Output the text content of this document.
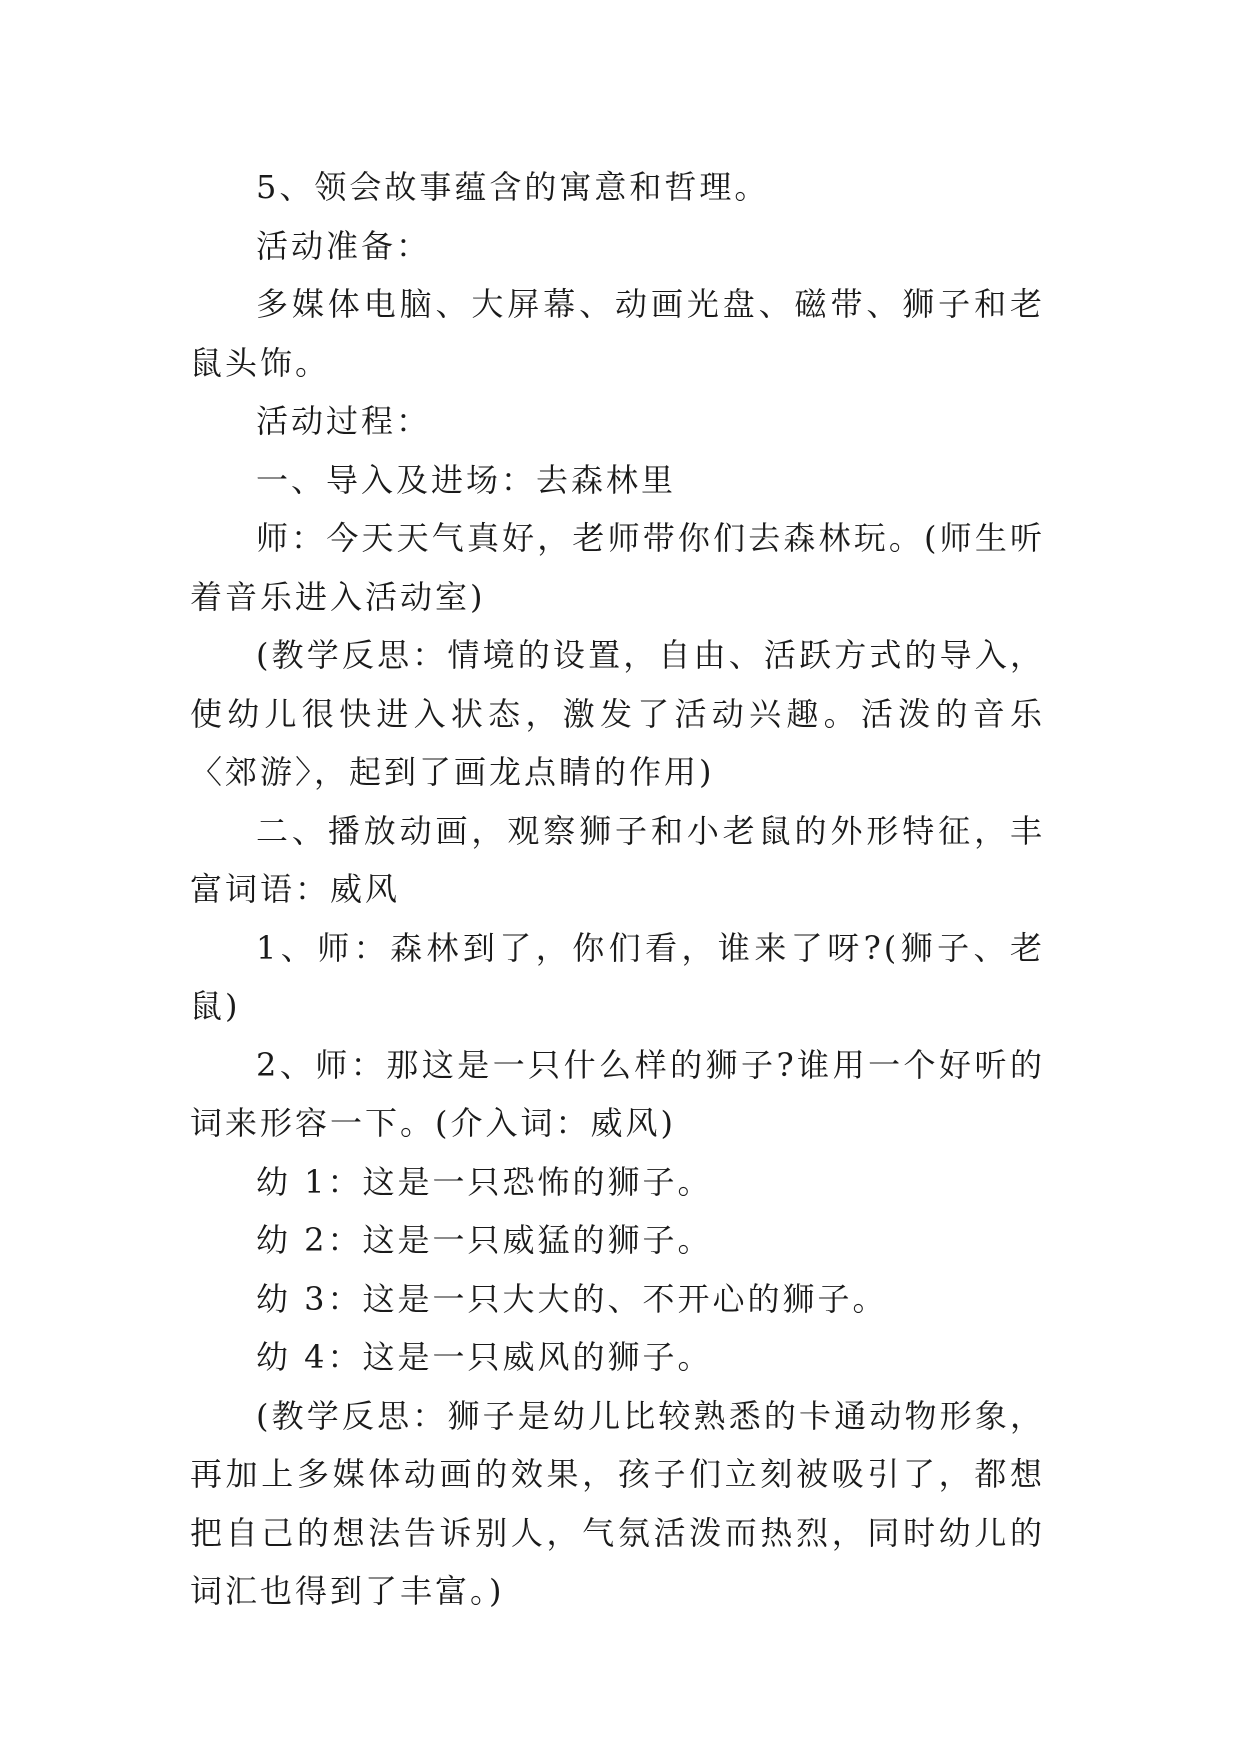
5、领会故事蕴含的寓意和哲理。

活动准备：

多媒体电脑、大屏幕、动画光盘、磁带、狮子和老鼠头饰。

活动过程：

一、导入及进场：去森林里

师：今天天气真好，老师带你们去森林玩。(师生听着音乐进入活动室)

(教学反思：情境的设置，自由、活跃方式的导入，使幼儿很快进入状态，激发了活动兴趣。活泼的音乐〈郊游〉，起到了画龙点睛的作用)

二、播放动画，观察狮子和小老鼠的外形特征，丰富词语：威风

1、师：森林到了，你们看，谁来了呀?(狮子、老鼠)

2、师：那这是一只什么样的狮子?谁用一个好听的词来形容一下。(介入词：威风)

幼 1：这是一只恐怖的狮子。

幼 2：这是一只威猛的狮子。

幼 3：这是一只大大的、不开心的狮子。

幼 4：这是一只威风的狮子。

(教学反思：狮子是幼儿比较熟悉的卡通动物形象，再加上多媒体动画的效果，孩子们立刻被吸引了，都想把自己的想法告诉别人，气氛活泼而热烈，同时幼儿的词汇也得到了丰富。)
